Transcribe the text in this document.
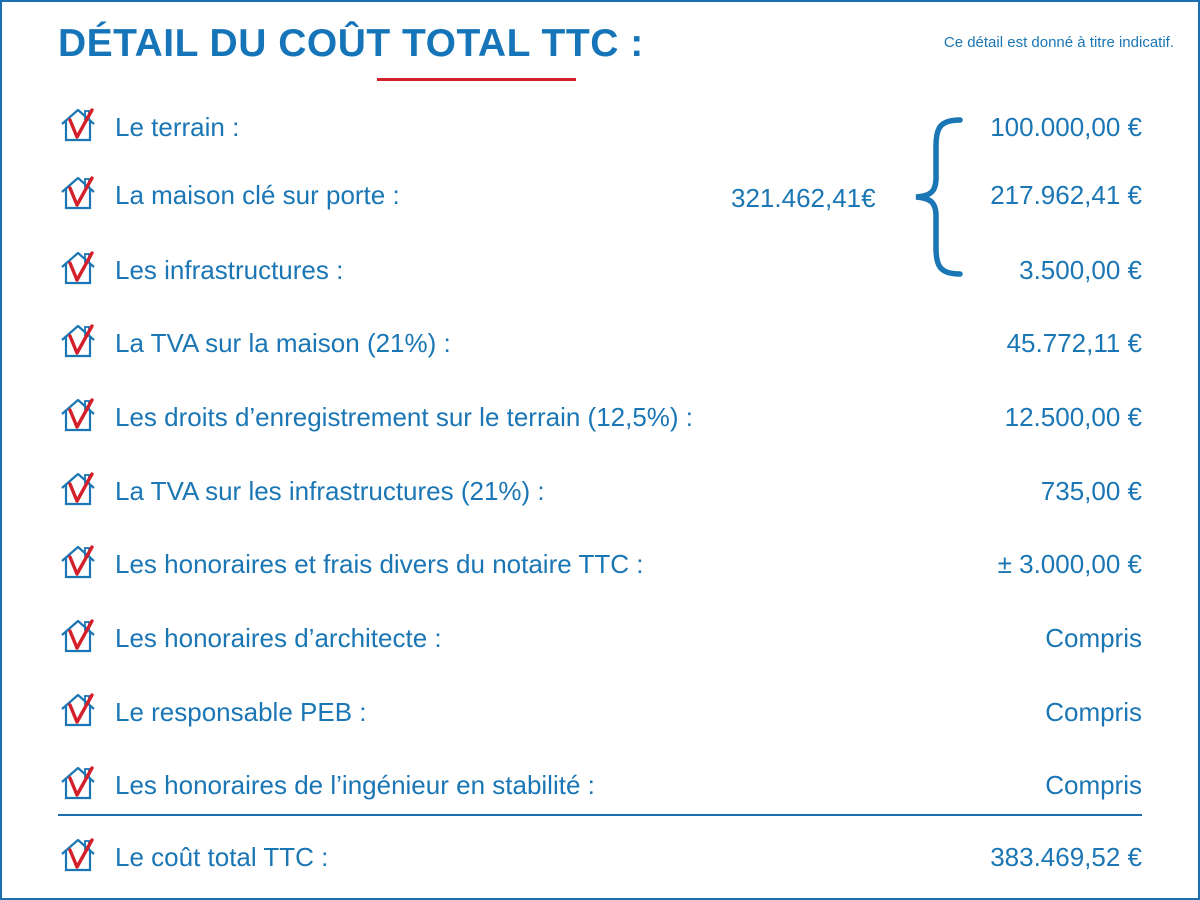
DÉTAIL DU COÛT TOTAL TTC :	Ce détail est donné à titre indicatif.
Le terrain :	100.000,00 €
La maison clé sur porte :	217.962,41 €
Les infrastructures :	3.500,00 €
321.462,41€
La TVA sur la maison (21%) :	45.772,11 €
Les droits d’enregistrement sur le terrain (12,5%) :	12.500,00 €
La TVA sur les infrastructures (21%) :	735,00 €
Les honoraires et frais divers du notaire TTC :	± 3.000,00 €
Les honoraires d’architecte :	Compris
Le responsable PEB :	Compris
Les honoraires de l’ingénieur en stabilité :	Compris
Le coût total TTC :	383.469,52 €
